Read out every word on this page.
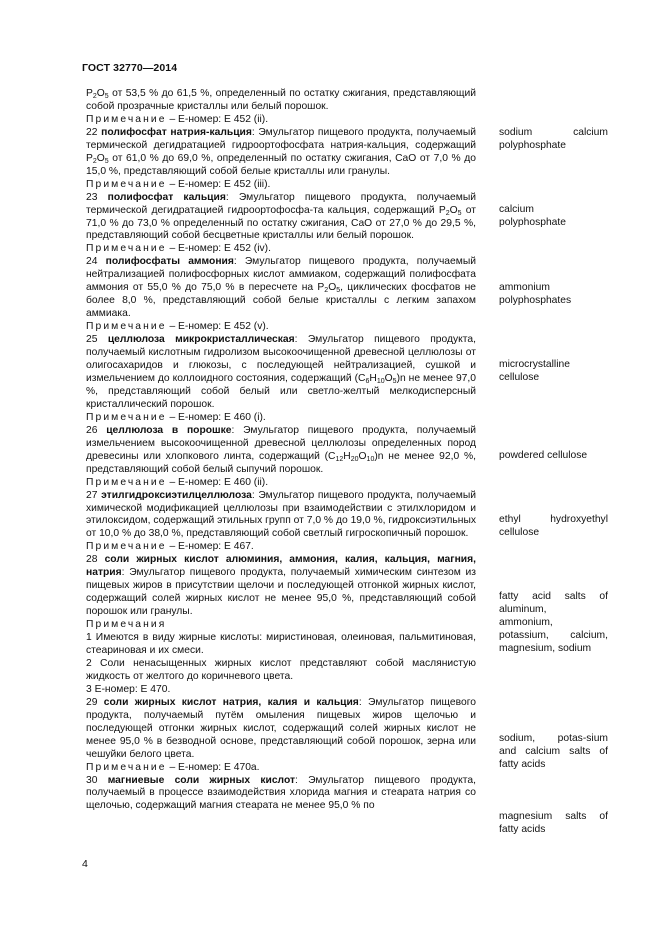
ГОСТ 32770—2014

$P_2O_5$ от 53,5 % до 61,5 %, определенный по остатку сжигания, представляющий собой прозрачные кристаллы или белый порошок.

Примечание – Е-номер: Е 452 (ii).

22 полифосфат натрия-кальция: Эмульгатор пищевого продукта, получаемый термической дегидратацией гидроортофосфата натрия-кальция, содержащий $P_2O_5$ от 61,0 % до 69,0 %, определенный по остатку сжигания, CaO от 7,0 % до 15,0 %, представляющий собой белые кристаллы или гранулы.

Примечание – Е-номер: Е 452 (iii).

23 полифосфат кальция: Эмульгатор пищевого продукта, получаемый термической дегидратацией гидроортофосфа-та кальция, содержащий $P_2O_5$ от 71,0 % до 73,0 % определенный по остатку сжигания, CaO от 27,0 % до 29,5 %, представляющий собой бесцветные кристаллы или белый порошок.

Примечание – Е-номер: Е 452 (iv).

24 полифосфаты аммония: Эмульгатор пищевого продукта, получаемый нейтрализацией полифосфорных кислот аммиаком, содержащий полифосфата аммония от 55,0 % до 75,0 % в пересчете на $P_2O_5$, циклических фосфатов не более 8,0 %, представляющий собой белые кристаллы с легким запахом аммиака.

Примечание – Е-номер: Е 452 (v).

25 целлюлоза микрокристаллическая: Эмульгатор пищевого продукта, получаемый кислотным гидролизом высокоочищенной древесной целлюлозы от олигосахаридов и глюкозы, с последующей нейтрализацией, сушкой и измельчением до коллоидного состояния, содержащий $(C_6H_{10}O_5)n$ не менее 97,0 %, представляющий собой белый или светло-желтый мелкодисперсный кристаллический порошок.

Примечание – Е-номер: Е 460 (i).

26 целлюлоза в порошке: Эмульгатор пищевого продукта, получаемый измельчением высокоочищенной древесной целлюлозы определенных пород древесины или хлопкового линта, содержащий $(C_{12}H_{20}O_{10})n$ не менее 92,0 %, представляющий собой белый сыпучий порошок.

Примечание – Е-номер: Е 460 (ii).

27 этилгидроксиэтилцеллюлоза: Эмульгатор пищевого продукта, получаемый химической модификацией целлюлозы при взаимодействии с этилхлоридом и этилоксидом, содержащий этильных групп от 7,0 % до 19,0 %, гидроксиэтильных от 10,0 % до 38,0 %, представляющий собой светлый гигроскопичный порошок.

Примечание – Е-номер: Е 467.

28 соли жирных кислот алюминия, аммония, калия, кальция, магния, натрия: Эмульгатор пищевого продукта, получаемый химическим синтезом из пищевых жиров в присутствии щелочи и последующей отгонкой жирных кислот, содержащий солей жирных кислот не менее 95,0 %, представляющий собой порошок или гранулы.

Примечания

1 Имеются в виду жирные кислоты: миристиновая, олеиновая, пальмитиновая, стеариновая и их смеси.

2 Соли ненасыщенных жирных кислот представляют собой маслянистую жидкость от желтого до коричневого цвета.

3 Е-номер: Е 470.

29 соли жирных кислот натрия, калия и кальция: Эмульгатор пищевого продукта, получаемый путём омыления пищевых жиров щелочью и последующей отгонки жирных кислот, содержащий солей жирных кислот не менее 95,0 % в безводной основе, представляющий собой порошок, зерна или чешуйки белого цвета.

Примечание – Е-номер: Е 470а.

30 магниевые соли жирных кислот: Эмульгатор пищевого продукта, получаемый в процессе взаимодействия хлорида магния и стеарата натрия со щелочью, содержащий магния стеарата не менее 95,0 % по

sodium calcium
polyphosphate
calcium
polyphosphate
ammonium
polyphosphates
microcrystalline
cellulose
powdered cellulose
ethyl hydroxyethyl
cellulose
fatty acid salts of
aluminum,
ammonium,
potassium, calcium,
magnesium, sodium
sodium, potas-sium
and calcium salts of
fatty acids
magnesium salts of
fatty acids
4
